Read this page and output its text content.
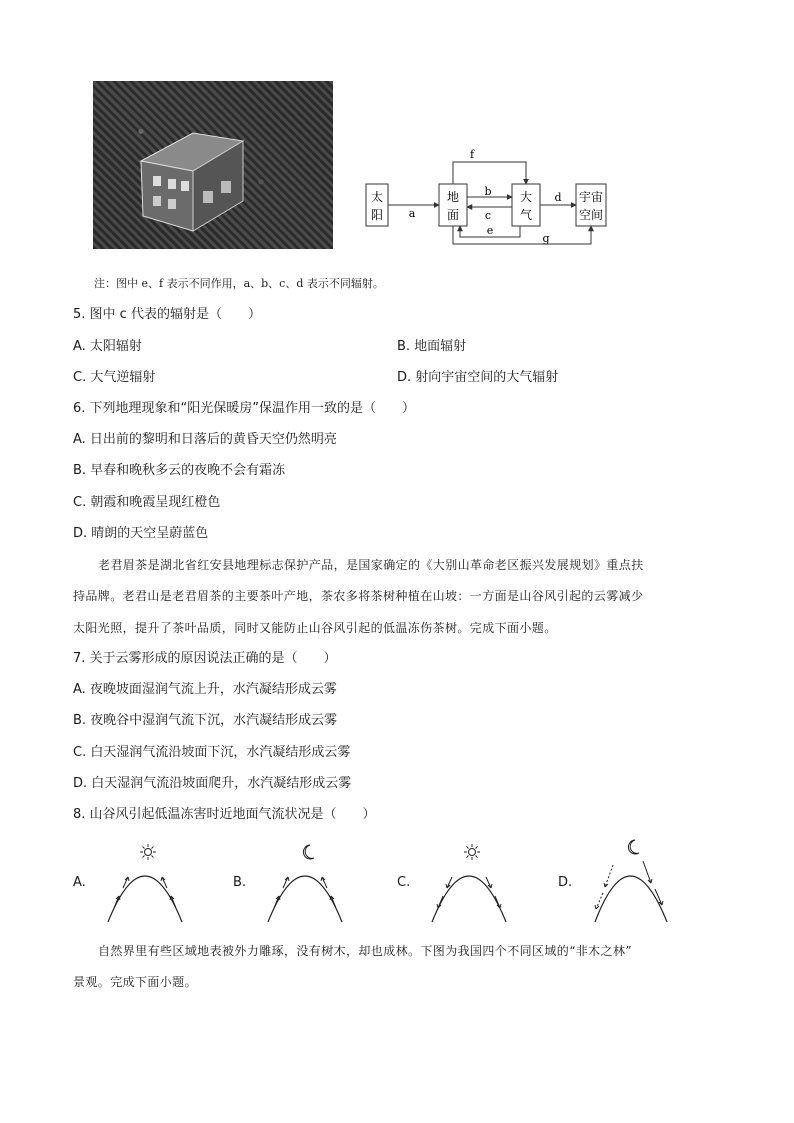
太
阳
地
面
大
气
宇宙
空间
a
b
c
d
f
e
g
注：图中 e、f 表示不同作用，a、b、c、d 表示不同辐射。
5. 图中 c 代表的辐射是（　　）
A. 太阳辐射	B. 地面辐射
C. 大气逆辐射	D. 射向宇宙空间的大气辐射
6. 下列地理现象和“阳光保暖房”保温作用一致的是（　　）
A. 日出前的黎明和日落后的黄昏天空仍然明亮
B. 早春和晚秋多云的夜晚不会有霜冻
C. 朝霞和晚霞呈现红橙色
D. 晴朗的天空呈蔚蓝色
老君眉茶是湖北省红安县地理标志保护产品，是国家确定的《大别山革命老区振兴发展规划》重点扶
持品牌。老君山是老君眉茶的主要茶叶产地，茶农多将茶树种植在山坡：一方面是山谷风引起的云雾减少
太阳光照，提升了茶叶品质，同时又能防止山谷风引起的低温冻伤茶树。完成下面小题。
7. 关于云雾形成的原因说法正确的是（　　）
A. 夜晚坡面湿润气流上升，水汽凝结形成云雾
B. 夜晚谷中湿润气流下沉，水汽凝结形成云雾
C. 白天湿润气流沿坡面下沉，水汽凝结形成云雾
D. 白天湿润气流沿坡面爬升，水汽凝结形成云雾
8. 山谷风引起低温冻害时近地面气流状况是（　　）
A.	B.	C.	D.
自然界里有些区域地表被外力雕琢，没有树木，却也成林。下图为我国四个不同区域的“非木之林”
景观。完成下面小题。
